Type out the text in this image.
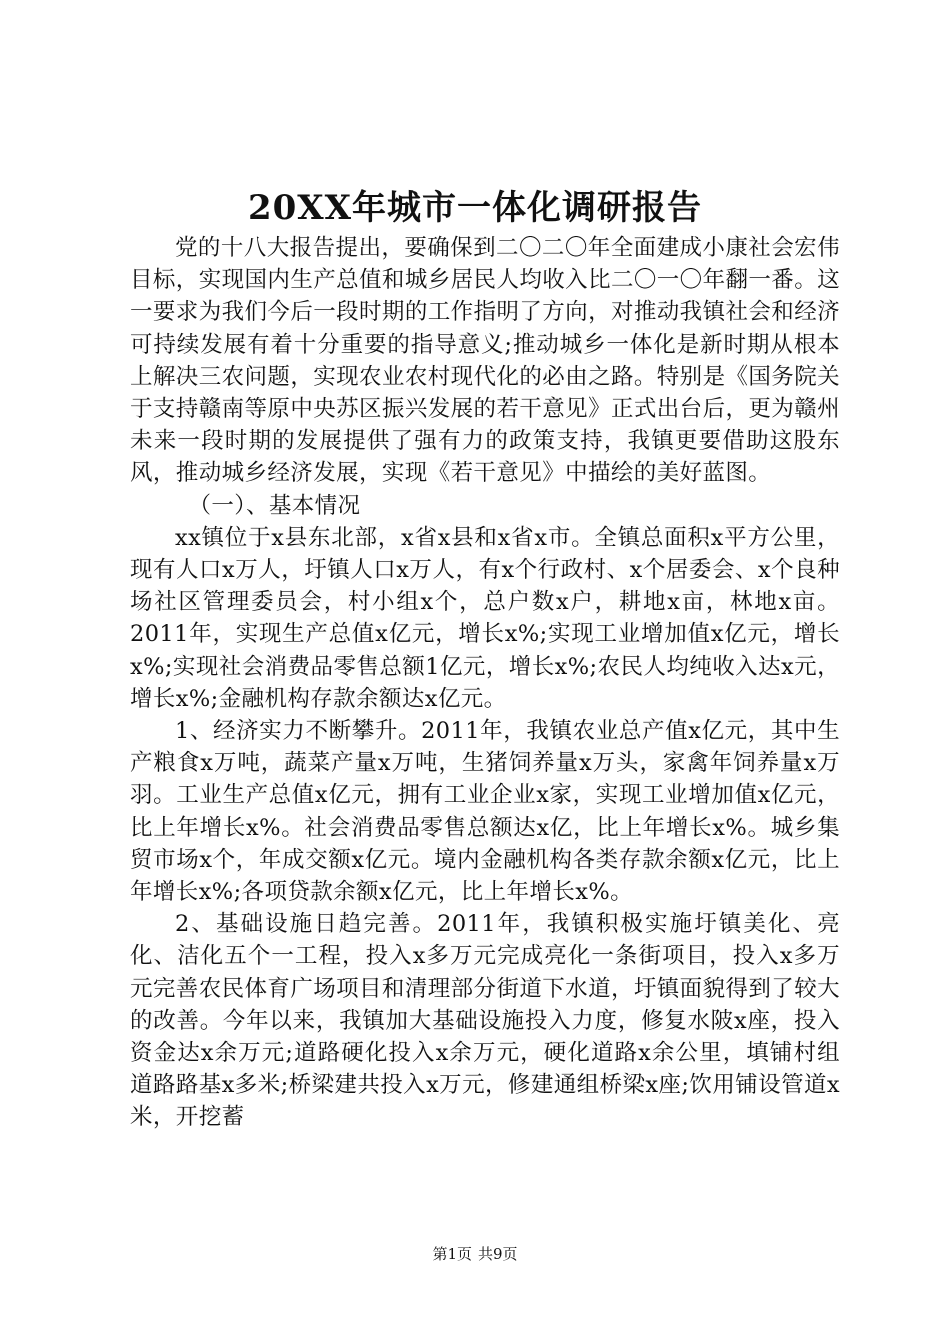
20XX年城市一体化调研报告

党的十八大报告提出，要确保到二〇二〇年全面建成小康社会宏伟目标，实现国内生产总值和城乡居民人均收入比二〇一〇年翻一番。这一要求为我们今后一段时期的工作指明了方向，对推动我镇社会和经济可持续发展有着十分重要的指导意义;推动城乡一体化是新时期从根本上解决三农问题，实现农业农村现代化的必由之路。特别是《国务院关于支持赣南等原中央苏区振兴发展的若干意见》正式出台后，更为赣州未来一段时期的发展提供了强有力的政策支持，我镇更要借助这股东风，推动城乡经济发展，实现《若干意见》中描绘的美好蓝图。

（一）、基本情况

xx镇位于x县东北部，x省x县和x省x市。全镇总面积x平方公里，现有人口x万人，圩镇人口x万人，有x个行政村、x个居委会、x个良种场社区管理委员会，村小组x个，总户数x户，耕地x亩，林地x亩。2011年，实现生产总值x亿元，增长x%;实现工业增加值x亿元，增长x%;实现社会消费品零售总额1亿元，增长x%;农民人均纯收入达x元，增长x%;金融机构存款余额达x亿元。

1、经济实力不断攀升。2011年，我镇农业总产值x亿元，其中生产粮食x万吨，蔬菜产量x万吨，生猪饲养量x万头，家禽年饲养量x万羽。工业生产总值x亿元，拥有工业企业x家，实现工业增加值x亿元，比上年增长x%。社会消费品零售总额达x亿，比上年增长x%。城乡集贸市场x个，年成交额x亿元。境内金融机构各类存款余额x亿元，比上年增长x%;各项贷款余额x亿元，比上年增长x%。

2、基础设施日趋完善。2011年，我镇积极实施圩镇美化、亮化、洁化五个一工程，投入x多万元完成亮化一条街项目，投入x多万元完善农民体育广场项目和清理部分街道下水道，圩镇面貌得到了较大的改善。今年以来，我镇加大基础设施投入力度，修复水陂x座，投入资金达x余万元;道路硬化投入x余万元，硬化道路x余公里，填铺村组道路路基x多米;桥梁建共投入x万元，修建通组桥梁x座;饮用铺设管道x米，开挖蓄

第1页 共9页
